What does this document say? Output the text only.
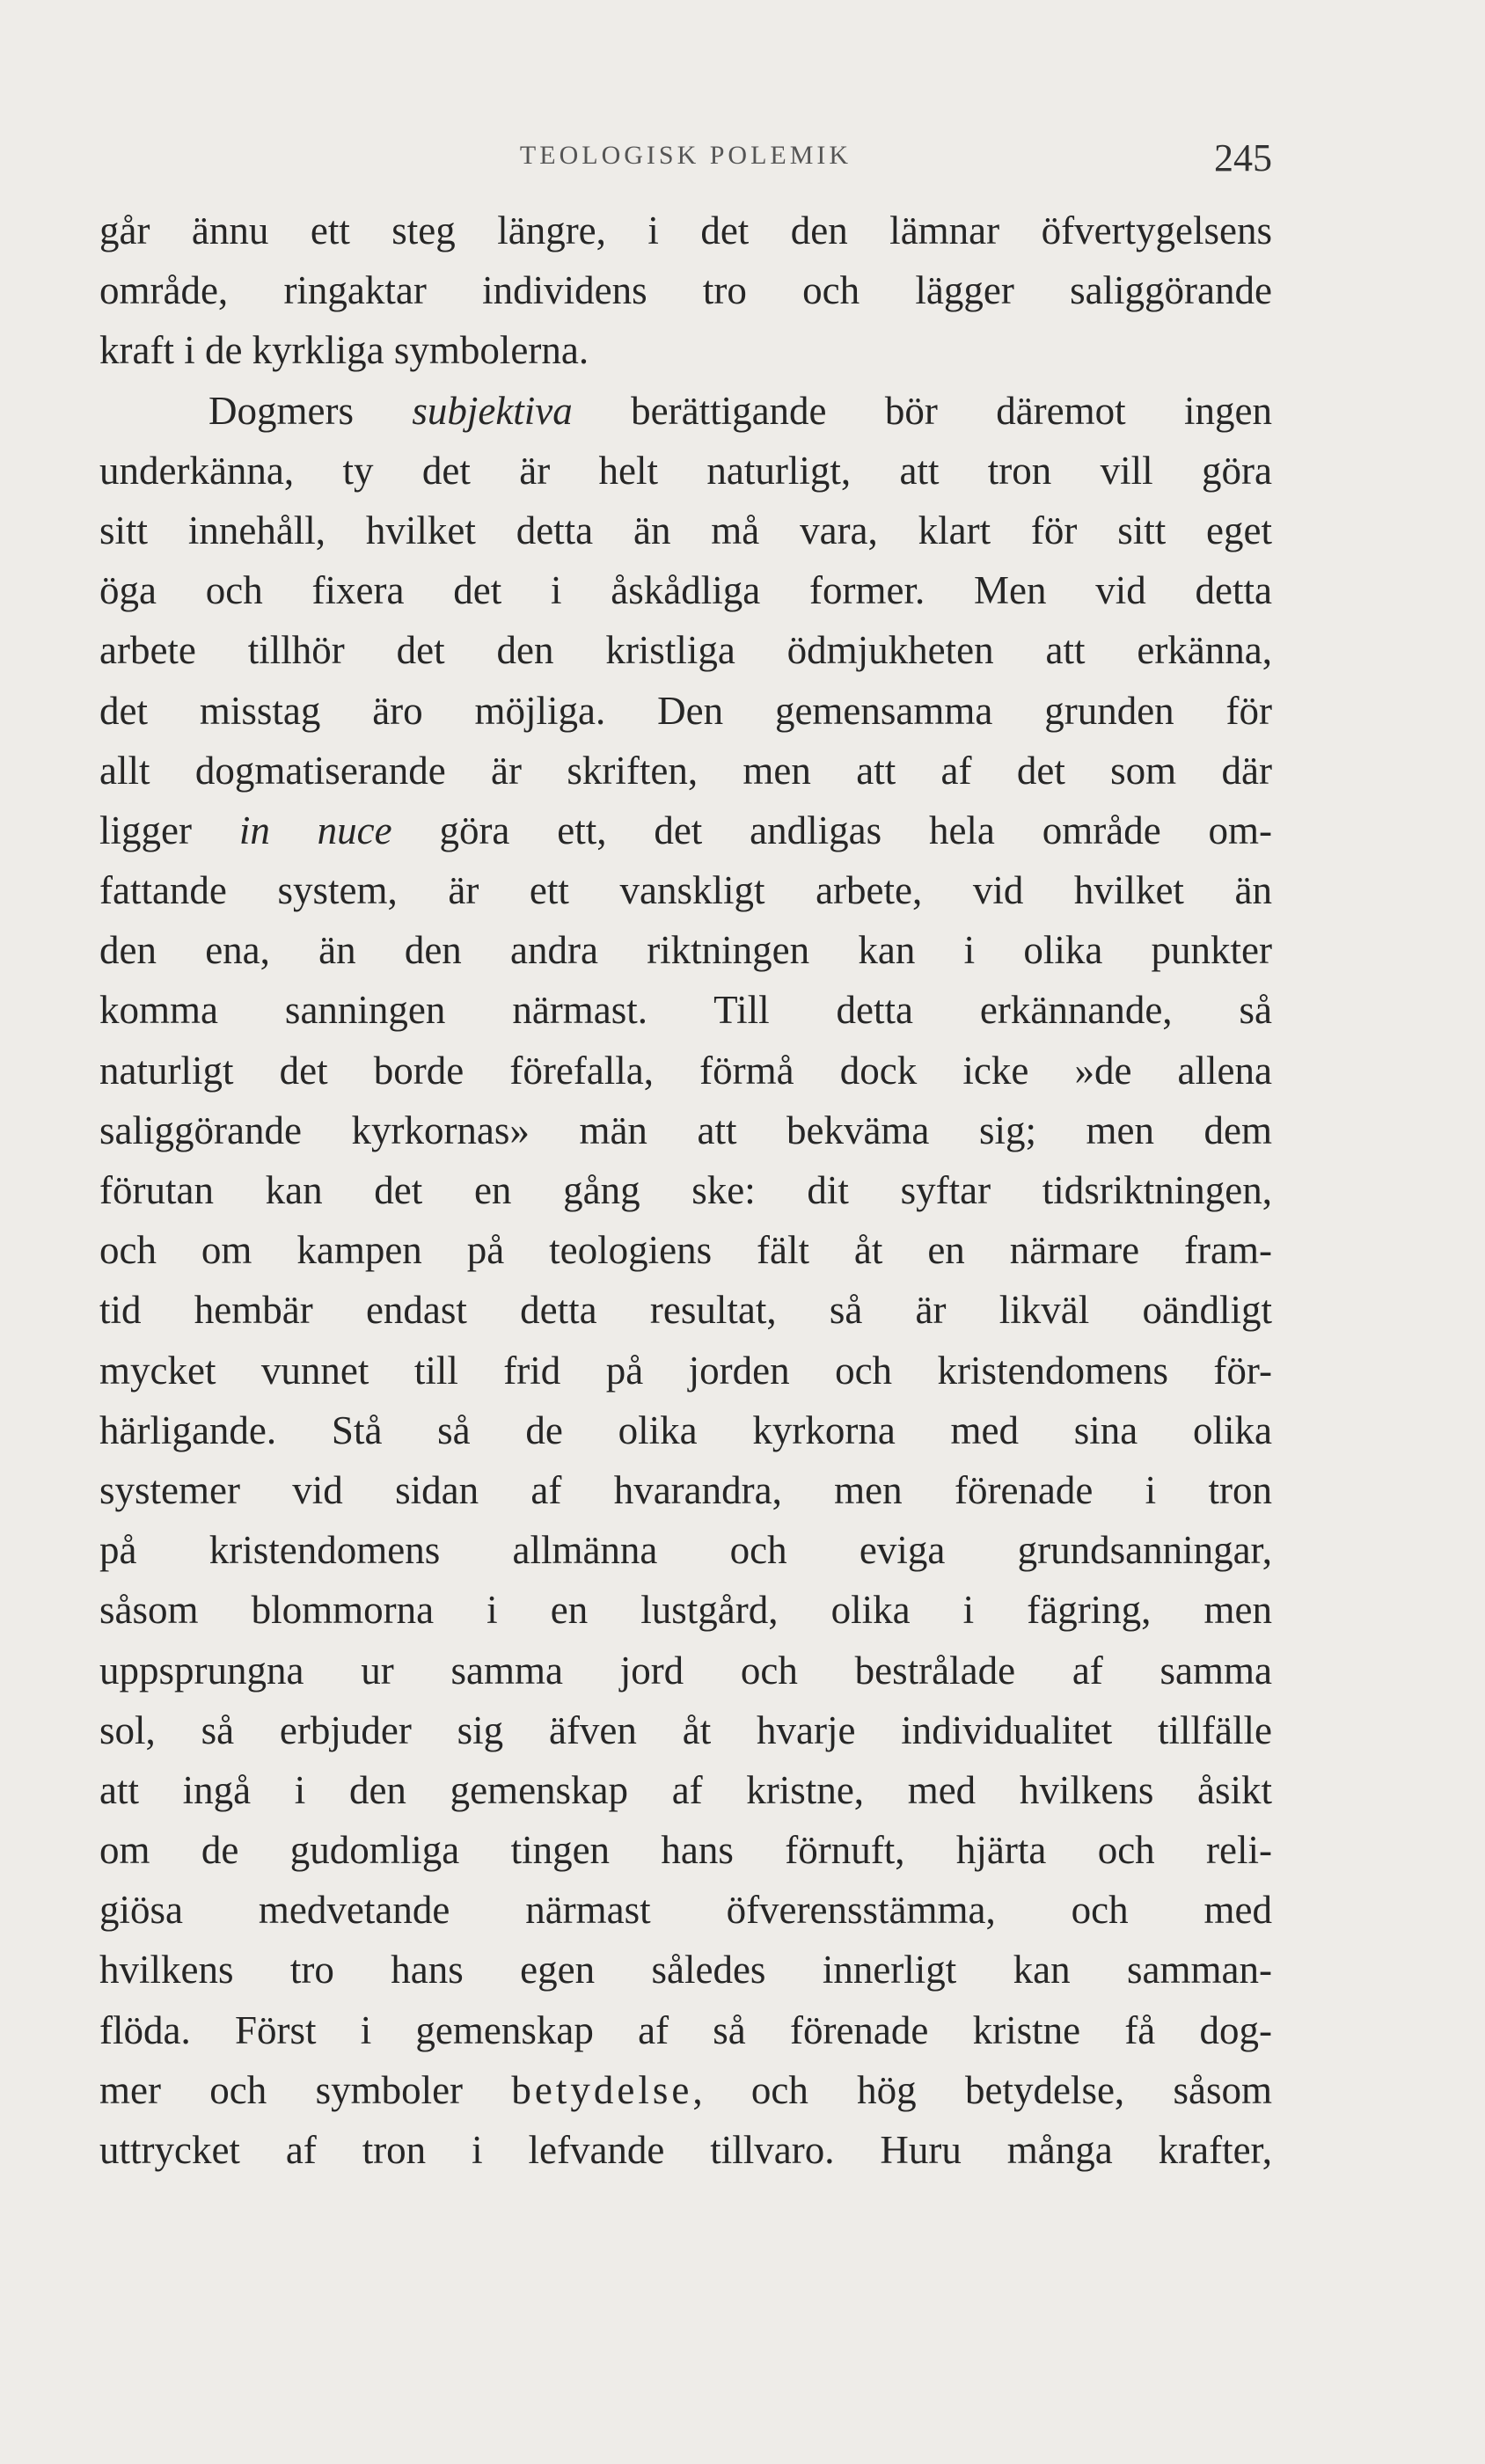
TEOLOGISK POLEMIK	245
går ännu ett steg längre, i det den lämnar öfvertygelsens
område, ringaktar individens tro och lägger saliggörande
kraft i de kyrkliga symbolerna.
Dogmers subjektiva berättigande bör däremot ingen
underkänna, ty det är helt naturligt, att tron vill göra
sitt innehåll, hvilket detta än må vara, klart för sitt eget
öga och fixera det i åskådliga former. Men vid detta
arbete tillhör det den kristliga ödmjukheten att erkänna,
det misstag äro möjliga. Den gemensamma grunden för
allt dogmatiserande är skriften, men att af det som där
ligger in nuce göra ett, det andligas hela område om-
fattande system, är ett vanskligt arbete, vid hvilket än
den ena, än den andra riktningen kan i olika punkter
komma sanningen närmast. Till detta erkännande, så
naturligt det borde förefalla, förmå dock icke »de allena
saliggörande kyrkornas» män att bekväma sig; men dem
förutan kan det en gång ske: dit syftar tidsriktningen,
och om kampen på teologiens fält åt en närmare fram-
tid hembär endast detta resultat, så är likväl oändligt
mycket vunnet till frid på jorden och kristendomens för-
härligande. Stå så de olika kyrkorna med sina olika
systemer vid sidan af hvarandra, men förenade i tron
på kristendomens allmänna och eviga grundsanningar,
såsom blommorna i en lustgård, olika i fägring, men
uppsprungna ur samma jord och bestrålade af samma
sol, så erbjuder sig äfven åt hvarje individualitet tillfälle
att ingå i den gemenskap af kristne, med hvilkens åsikt
om de gudomliga tingen hans förnuft, hjärta och reli-
giösa medvetande närmast öfverensstämma, och med
hvilkens tro hans egen således innerligt kan samman-
flöda. Först i gemenskap af så förenade kristne få dog-
mer och symboler betydelse, och hög betydelse, såsom
uttrycket af tron i lefvande tillvaro. Huru många krafter,
